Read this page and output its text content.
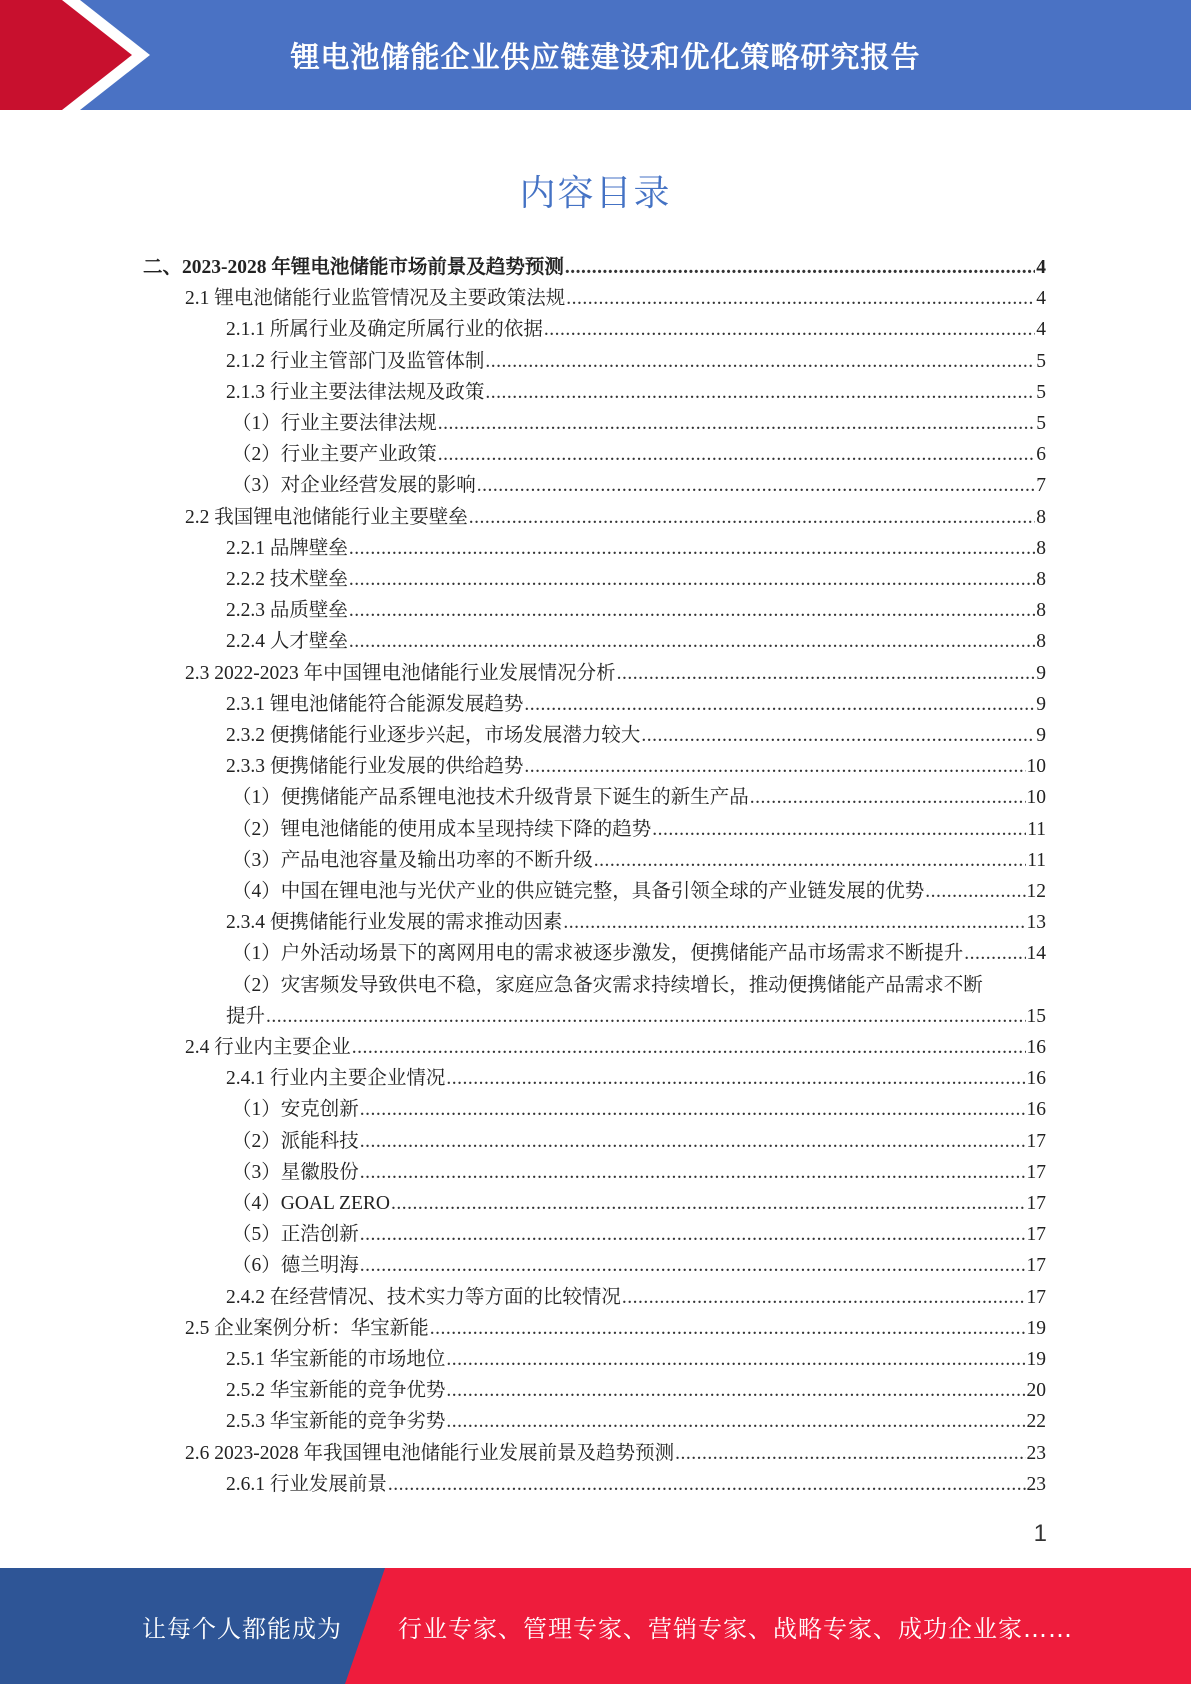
锂电池储能企业供应链建设和优化策略研究报告
内容目录
二、2023-2028 年锂电池储能市场前景及趋势预测 .....	4
2.1 锂电池储能行业监管情况及主要政策法规 .....	4
2.1.1 所属行业及确定所属行业的依据 .....	4
2.1.2 行业主管部门及监管体制 .....	5
2.1.3 行业主要法律法规及政策 .....	5
（1）行业主要法律法规 .....	5
（2）行业主要产业政策 .....	6
（3）对企业经营发展的影响 .....	7
2.2 我国锂电池储能行业主要壁垒 .....	8
2.2.1 品牌壁垒 .....	8
2.2.2 技术壁垒 .....	8
2.2.3 品质壁垒 .....	8
2.2.4 人才壁垒 .....	8
2.3 2022-2023 年中国锂电池储能行业发展情况分析 .....	9
2.3.1 锂电池储能符合能源发展趋势 .....	9
2.3.2 便携储能行业逐步兴起，市场发展潜力较大 .....	9
2.3.3 便携储能行业发展的供给趋势 .....	10
（1）便携储能产品系锂电池技术升级背景下诞生的新生产品 .....	10
（2）锂电池储能的使用成本呈现持续下降的趋势 .....	11
（3）产品电池容量及输出功率的不断升级 .....	11
（4）中国在锂电池与光伏产业的供应链完整，具备引领全球的产业链发展的优势 .....	12
2.3.4 便携储能行业发展的需求推动因素 .....	13
（1）户外活动场景下的离网用电的需求被逐步激发，便携储能产品市场需求不断提升 .....	14
（2）灾害频发导致供电不稳，家庭应急备灾需求持续增长，推动便携储能产品需求不断
提升 .....	15
2.4 行业内主要企业 .....	16
2.4.1 行业内主要企业情况 .....	16
（1）安克创新 .....	16
（2）派能科技 .....	17
（3）星徽股份 .....	17
（4）GOAL ZERO .....	17
（5）正浩创新 .....	17
（6）德兰明海 .....	17
2.4.2 在经营情况、技术实力等方面的比较情况 .....	17
2.5 企业案例分析：华宝新能 .....	19
2.5.1 华宝新能的市场地位 .....	19
2.5.2 华宝新能的竞争优势 .....	20
2.5.3 华宝新能的竞争劣势 .....	22
2.6 2023-2028 年我国锂电池储能行业发展前景及趋势预测 .....	23
2.6.1 行业发展前景 .....	23
1
让每个人都能成为 行业专家、管理专家、营销专家、战略专家、成功企业家……
